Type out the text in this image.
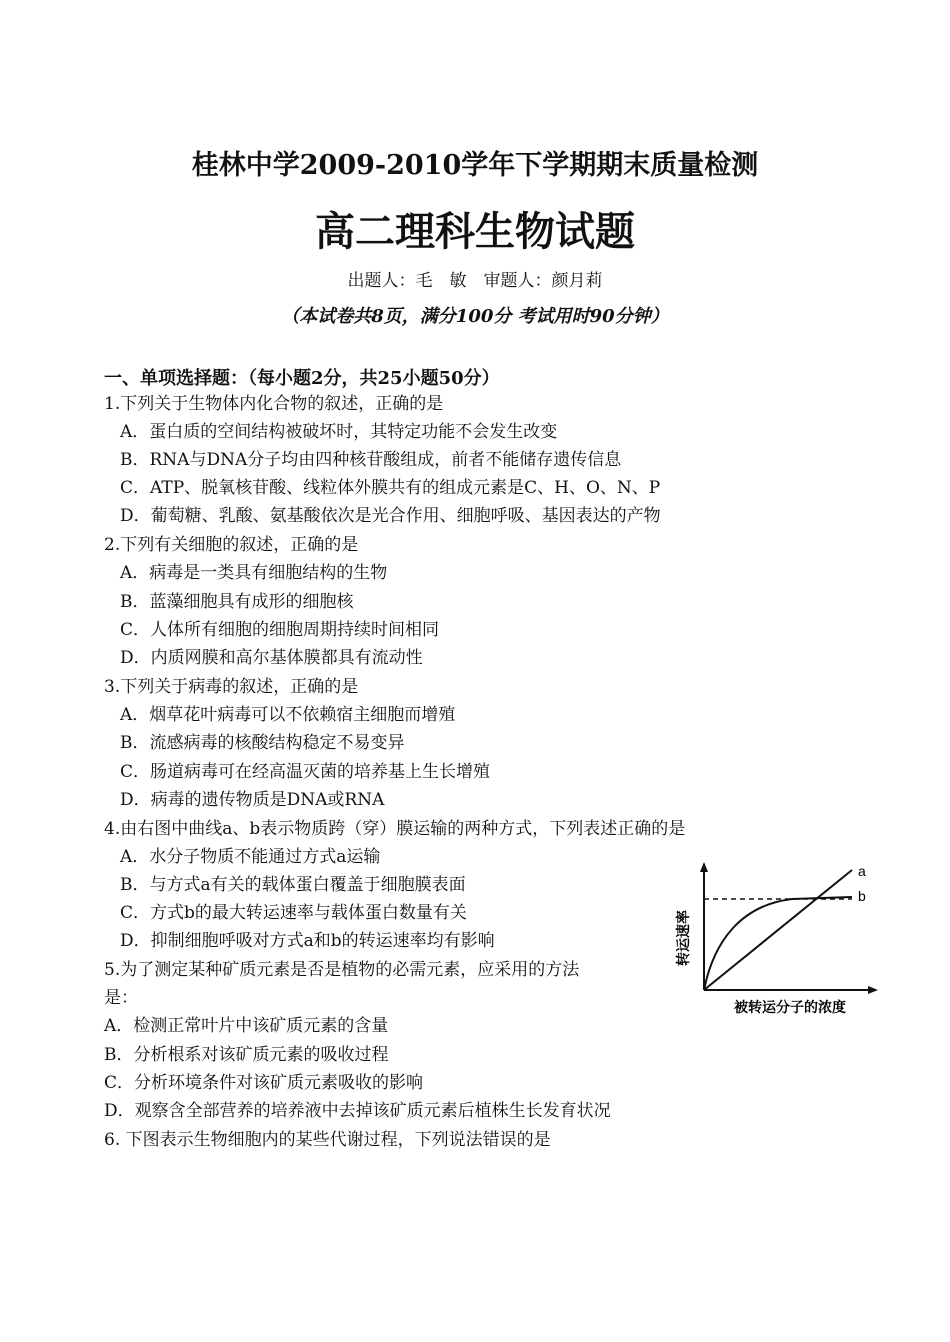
桂林中学2009-2010学年下学期期末质量检测
高二理科生物试题
出题人：毛　敏　审题人：颜月莉
（本试卷共8页，满分100分 考试用时90分钟）
一、单项选择题：（每小题2分，共25小题50分）
1.下列关于生物体内化合物的叙述，正确的是
A．蛋白质的空间结构被破坏时，其特定功能不会发生改变
B．RNA与DNA分子均由四种核苷酸组成，前者不能储存遗传信息
C．ATP、脱氧核苷酸、线粒体外膜共有的组成元素是C、H、O、N、P
D．葡萄糖、乳酸、氨基酸依次是光合作用、细胞呼吸、基因表达的产物
2.下列有关细胞的叙述，正确的是
A．病毒是一类具有细胞结构的生物
B．蓝藻细胞具有成形的细胞核
C．人体所有细胞的细胞周期持续时间相同
D．内质网膜和高尔基体膜都具有流动性
3.下列关于病毒的叙述，正确的是
A．烟草花叶病毒可以不依赖宿主细胞而增殖
B．流感病毒的核酸结构稳定不易变异
C．肠道病毒可在经高温灭菌的培养基上生长增殖
D．病毒的遗传物质是DNA或RNA
4.由右图中曲线a、b表示物质跨（穿）膜运输的两种方式，下列表述正确的是
A．水分子物质不能通过方式a运输
B．与方式a有关的载体蛋白覆盖于细胞膜表面
C．方式b的最大转运速率与载体蛋白数量有关
D．抑制细胞呼吸对方式a和b的转运速率均有影响
5.为了测定某种矿质元素是否是植物的必需元素，应采用的方法
是：
A．检测正常叶片中该矿质元素的含量
B．分析根系对该矿质元素的吸收过程
C．分析环境条件对该矿质元素吸收的影响
D．观察含全部营养的培养液中去掉该矿质元素后植株生长发育状况
6. 下图表示生物细胞内的某些代谢过程，下列说法错误的是
a
b
转运速率
被转运分子的浓度
